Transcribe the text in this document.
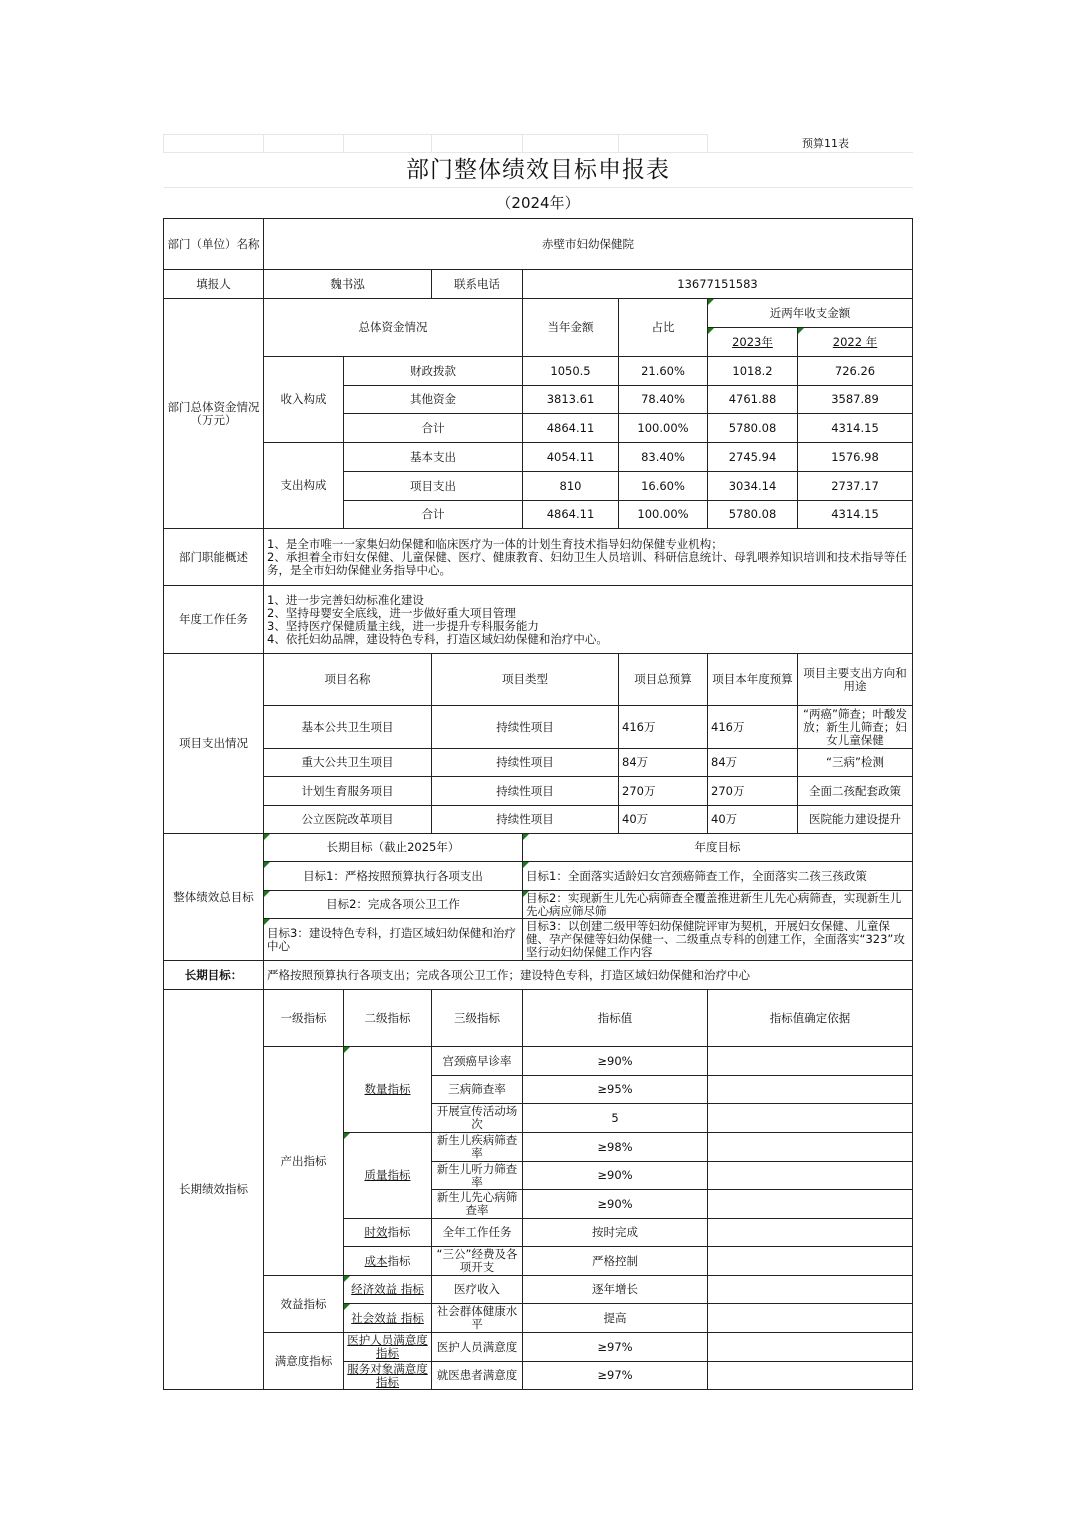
						预算11表	
部门整体绩效目标申报表							
（2024年）							
部门（单位）名称	赤壁市妇幼保健院						
填报人	魏书泓		联系电话	13677151583			
部门总体资金情况（万元）	总体资金情况			当年金额	占比	近两年收支金额	
						2023年	2022 年
	收入构成	财政拨款		1050.5	21.60%	1018.2	726.26
		其他资金		3813.61	78.40%	4761.88	3587.89
		合计		4864.11	100.00%	5780.08	4314.15
	支出构成	基本支出		4054.11	83.40%	2745.94	1576.98
		项目支出		810	16.60%	3034.14	2737.17
		合计		4864.11	100.00%	5780.08	4314.15
部门职能概述	1、是全市唯一一家集妇幼保健和临床医疗为一体的计划生育技术指导妇幼保健专业机构；
2、承担着全市妇女保健、儿童保健、医疗、健康教育、妇幼卫生人员培训、科研信息统计、母乳喂养知识培训和技术指导等任务，是全市妇幼保健业务指导中心。						

年度工作任务	1、进一步完善妇幼标准化建设
2、坚持母婴安全底线，进一步做好重大项目管理
3、坚持医疗保健质量主线，进一步提升专科服务能力
4、依托妇幼品牌，建设特色专科，打造区域妇幼保健和治疗中心。						

项目支出情况	项目名称		项目类型		项目总预算	项目本年度预算	项目主要支出方向和用途
	基本公共卫生项目		持续性项目		416万	416万	“两癌”筛查；叶酸发放；新生儿筛查；妇女儿童保健
	重大公共卫生项目		持续性项目		84万	84万	“三病”检测
	计划生育服务项目		持续性项目		270万	270万	全面二孩配套政策
	公立医院改革项目		持续性项目		40万	40万	医院能力建设提升
整体绩效总目标	长期目标（截止2025年）			年度目标			
	目标1：严格按照预算执行各项支出			目标1：全面落实适龄妇女宫颈癌筛查工作，全面落实二孩三孩政策			
	目标2：完成各项公卫工作			目标2：实现新生儿先心病筛查全覆盖推进新生儿先心病筛查，实现新生儿先心病应筛尽筛			
	目标3：建设特色专科，打造区域妇幼保健和治疗中心			目标3：以创建二级甲等妇幼保健院评审为契机，开展妇女保健、儿童保健、孕产保健等妇幼保健一、二级重点专科的创建工作，全面落实“323”攻坚行动妇幼保健工作内容			
长期目标：	严格按照预算执行各项支出；完成各项公卫工作；建设特色专科，打造区域妇幼保健和治疗中心						
长期绩效指标	一级指标	二级指标	三级指标	指标值		指标值确定依据	
	产出指标	数量指标	宫颈癌早诊率	≥90%			
			三病筛查率	≥95%			
			开展宣传活动场次	5			
		质量指标	新生儿疾病筛查率	≥98%			
			新生儿听力筛查率	≥90%			
			新生儿先心病筛查率	≥90%			
		时效指标	全年工作任务	按时完成			
		成本指标	“三公”经费及各项开支	严格控制			
	效益指标	经济效益 指标	医疗收入	逐年增长			
		社会效益 指标	社会群体健康水平	提高			
	满意度指标	医护人员满意度 指标	医护人员满意度	≥97%			
		服务对象满意度 指标	就医患者满意度	≥97%			
